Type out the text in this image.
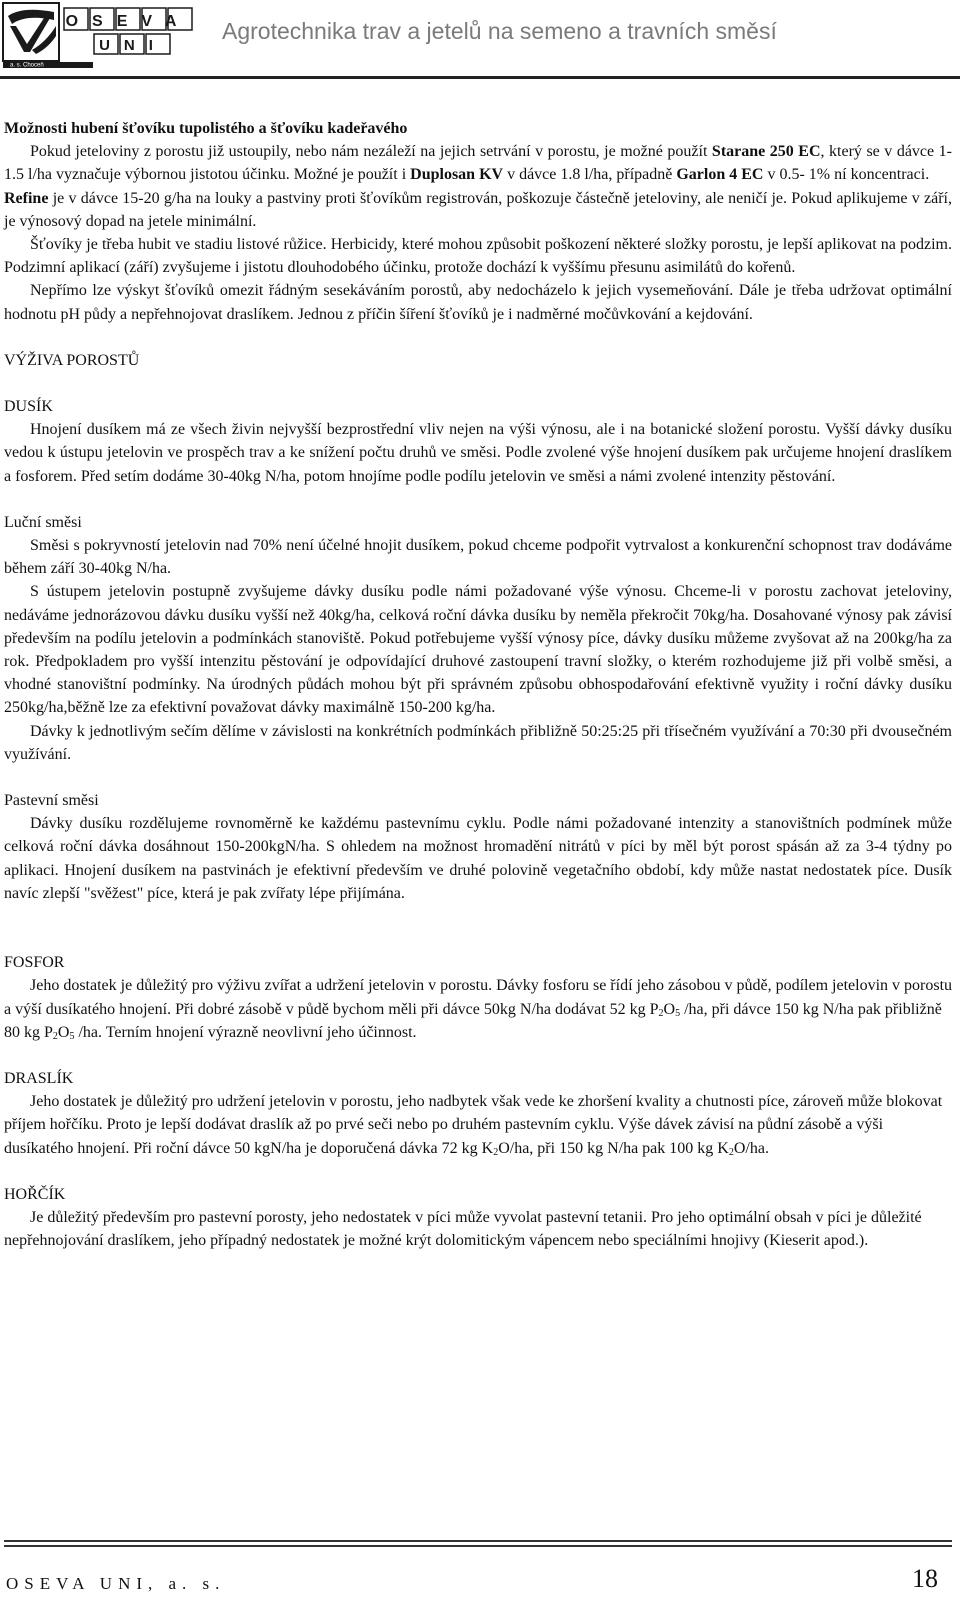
OSEVA
UNI
a. s. Choceň
Agrotechnika trav a jetelů na semeno a travních směsí

Možnosti hubení šťovíku tupolistého a šťovíku kadeřavého

Pokud jeteloviny z porostu již ustoupily, nebo nám nezáleží na jejich setrvání v porostu, je možné použít Starane 250 EC, který se v dávce 1-1.5 l/ha vyznačuje výbornou jistotou účinku. Možné je použít i Duplosan KV v dávce 1.8 l/ha, případně Garlon 4 EC v 0.5- 1% ní koncentraci.

Refine je v dávce 15-20 g/ha na louky a pastviny proti šťovíkům registrován, poškozuje částečně jeteloviny, ale neničí je. Pokud aplikujeme v září, je výnosový dopad na jetele minimální.

Šťovíky je třeba hubit ve stadiu listové růžice. Herbicidy, které mohou způsobit poškození některé složky porostu, je lepší aplikovat na podzim. Podzimní aplikací (září) zvyšujeme i jistotu dlouhodobého účinku, protože dochází k vyššímu přesunu asimilátů do kořenů.

Nepřímo lze výskyt šťovíků omezit řádným sesekáváním porostů, aby nedocházelo k jejich vysemeňování. Dále je třeba udržovat optimální hodnotu pH půdy a nepřehnojovat draslíkem. Jednou z příčin šíření šťovíků je i nadměrné močůvkování a kejdování.

VÝŽIVA POROSTŮ

DUSÍK

Hnojení dusíkem má ze všech živin nejvyšší bezprostřední vliv nejen na výši výnosu, ale i na botanické složení porostu. Vyšší dávky dusíku vedou k ústupu jetelovin ve prospěch trav a ke snížení počtu druhů ve směsi. Podle zvolené výše hnojení dusíkem pak určujeme hnojení draslíkem a fosforem. Před setím dodáme 30-40kg N/ha, potom hnojíme podle podílu jetelovin ve směsi a námi zvolené intenzity pěstování.

Luční směsi

Směsi s pokryvností jetelovin nad 70% není účelné hnojit dusíkem, pokud chceme podpořit vytrvalost a konkurenční schopnost trav dodáváme během září 30-40kg N/ha.

S ústupem jetelovin postupně zvyšujeme dávky dusíku podle námi požadované výše výnosu. Chceme-li v porostu zachovat jeteloviny, nedáváme jednorázovou dávku dusíku vyšší než 40kg/ha, celková roční dávka dusíku by neměla překročit 70kg/ha. Dosahované výnosy pak závisí především na podílu jetelovin a podmínkách stanoviště. Pokud potřebujeme vyšší výnosy píce, dávky dusíku můžeme zvyšovat až na 200kg/ha za rok. Předpokladem pro vyšší intenzitu pěstování je odpovídající druhové zastoupení travní složky, o kterém rozhodujeme již při volbě směsi, a vhodné stanovištní podmínky. Na úrodných půdách mohou být při správném způsobu obhospodařování efektivně využity i roční dávky dusíku 250kg/ha,běžně lze za efektivní považovat dávky maximálně 150-200 kg/ha.

Dávky k jednotlivým sečím dělíme v závislosti na konkrétních podmínkách přibližně 50:25:25 při třísečném využívání a 70:30 při dvousečném využívání.

Pastevní směsi

Dávky dusíku rozdělujeme rovnoměrně ke každému pastevnímu cyklu. Podle námi požadované intenzity a stanovištních podmínek může celková roční dávka dosáhnout 150-200kgN/ha. S ohledem na možnost hromadění nitrátů v píci by měl být porost spásán až za 3-4 týdny po aplikaci. Hnojení dusíkem na pastvinách je efektivní především ve druhé polovině vegetačního období, kdy může nastat nedostatek píce. Dusík navíc zlepší "svěžest" píce, která je pak zvířaty lépe přijímána.

FOSFOR

Jeho dostatek je důležitý pro výživu zvířat a udržení jetelovin v porostu. Dávky fosforu se řídí jeho zásobou v půdě, podílem jetelovin v porostu a výší dusíkatého hnojení. Při dobré zásobě v půdě bychom měli při dávce 50kg N/ha dodávat 52 kg $P_2O_5$ /ha, při dávce 150 kg N/ha pak přibližně 80 kg $P_2O_5$ /ha. Terním hnojení výrazně neovlivní jeho účinnost.

DRASLÍK

Jeho dostatek je důležitý pro udržení jetelovin v porostu, jeho nadbytek však vede ke zhoršení kvality a chutnosti píce, zároveň může blokovat příjem hořčíku. Proto je lepší dodávat draslík až po prvé seči nebo po druhém pastevním cyklu. Výše dávek závisí na půdní zásobě a výši dusíkatého hnojení. Při roční dávce 50 kgN/ha je doporučená dávka 72 kg $K_2O/ha$, při 150 kg N/ha pak 100 kg $K_2O/ha$.

HOŘČÍK

Je důležitý především pro pastevní porosty, jeho nedostatek v píci může vyvolat pastevní tetanii. Pro jeho optimální obsah v píci je důležité nepřehnojování draslíkem, jeho případný nedostatek je možné krýt dolomitickým vápencem nebo speciálními hnojivy (Kieserit apod.).

OSEVA UNI, a. s.	18
